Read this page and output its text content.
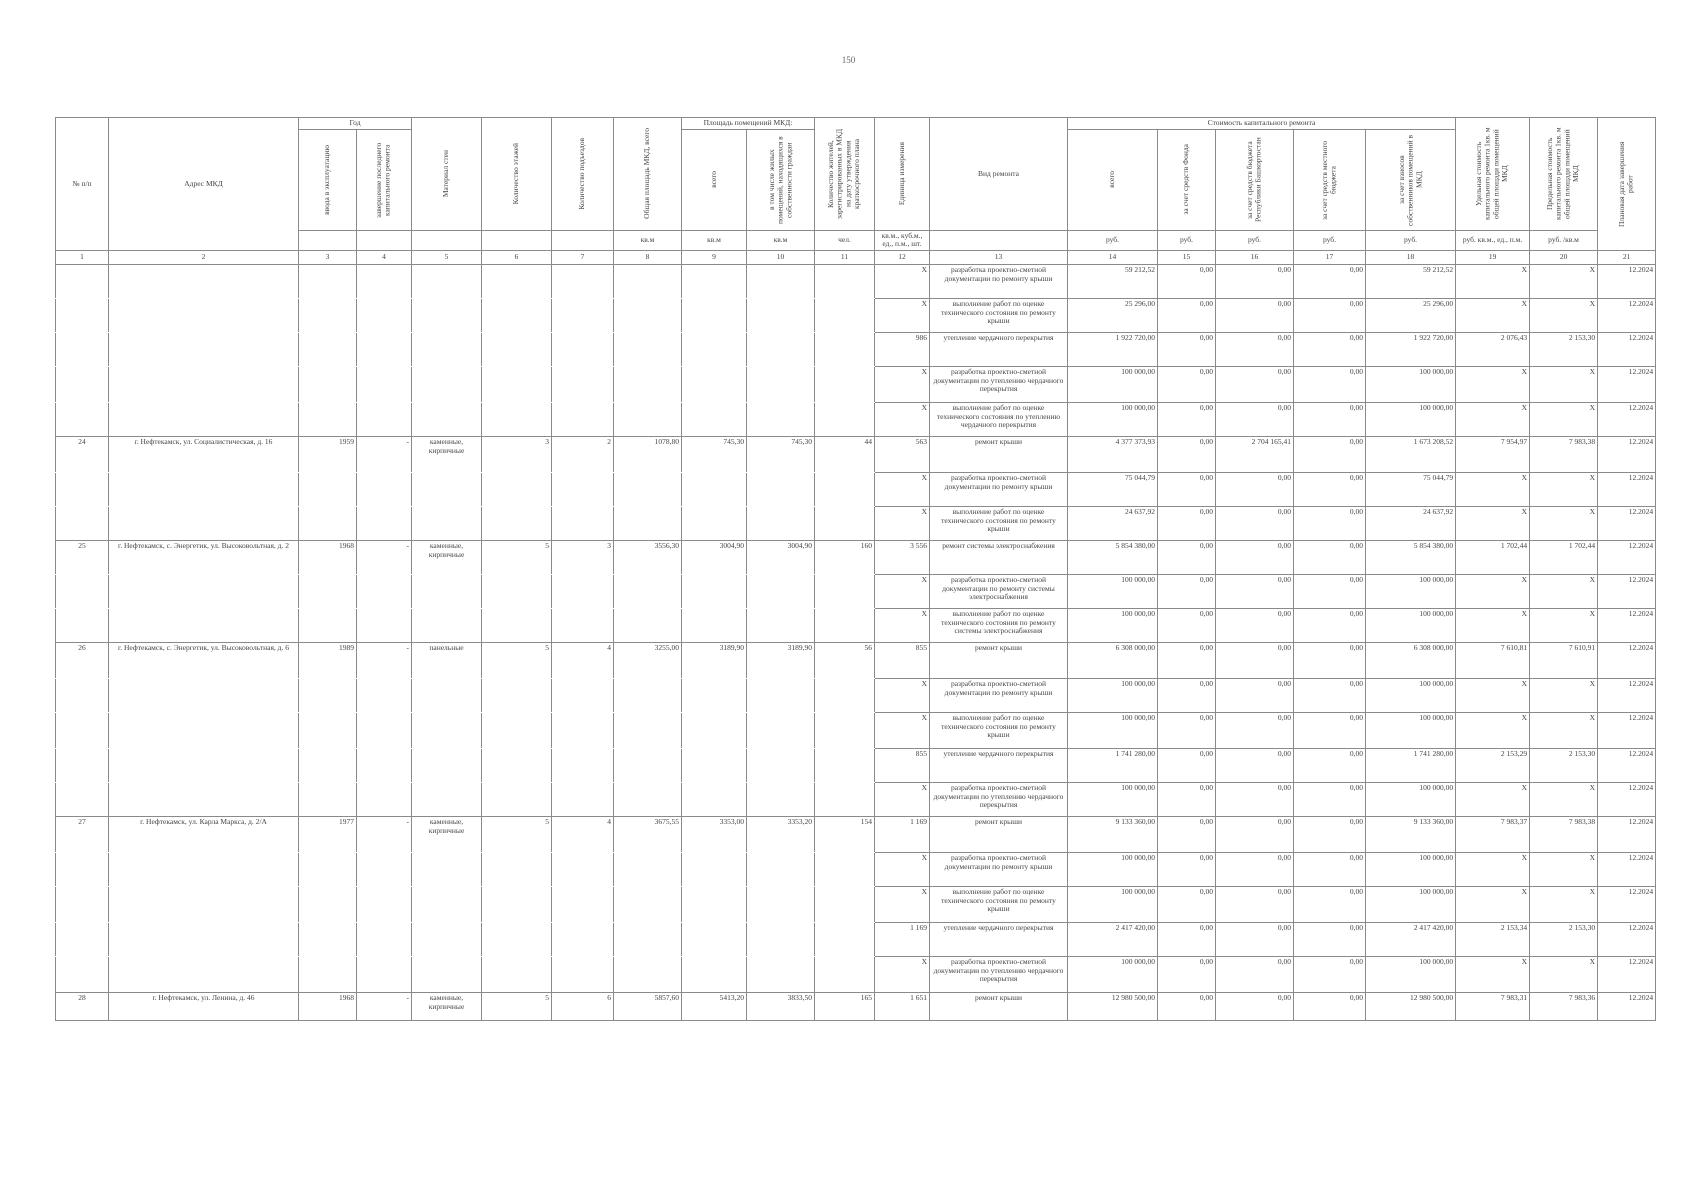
150
№ п/п	Адрес МКД	Год		Материал стен	Количество этажей	Количество подъездов	Общая площадь МКД, всего	Площадь помещений МКД:		Количество жителей, зарегистрированных в МКД на дату утверждения краткосрочного плана	Единица измерения	Вид ремонта	Стоимость капитального ремонта					Удельная стоимость капитального ремонта 1кв. м общей площади помещений МКД	Предельная стоимость капитального ремонта 1кв. м общей площади помещений МКД	Плановая дата завершения работ

		ввода в эксплуатацию	завершение последнего капитального ремонта					всего	в том числе жилых помещений, находящихся в собственности граждан				всего	за счет средств Фонда	за счет средств бюджета Республики Башкортостан	за счет средств местного бюджета	за счет взносов собственников помещений в МКД			

							кв.м	кв.м	кв.м	чел.	кв.м., куб.м., ед., п.м., шт.		руб.	руб.	руб.	руб.	руб.	руб. кв.м., ед., п.м.	руб. /кв.м	
1	2	3	4	5	6	7	8	9	10	11	12	13	14	15	16	17	18	19	20	21
											X	разработка проектно-сметной документации по ремонту крыши	59 212,52	0,00	0,00	0,00	59 212,52	X	X	12.2024
											X	выполнение работ по оценке технического состояния по ремонту крыши	25 296,00	0,00	0,00	0,00	25 296,00	X	X	12.2024
											986	утепление чердачного перекрытия	1 922 720,00	0,00	0,00	0,00	1 922 720,00	2 076,43	2 153,30	12.2024
											X	разработка проектно-сметной документации по утеплению чердачного перекрытия	100 000,00	0,00	0,00	0,00	100 000,00	X	X	12.2024
											X	выполнение работ по оценке технического состояния по утеплению чердачного перекрытия	100 000,00	0,00	0,00	0,00	100 000,00	X	X	12.2024
24	г. Нефтекамск, ул. Социалистическая, д. 16	1959	-	каменные, кирпичные	3	2	1078,80	745,30	745,30	44	563	ремонт крыши	4 377 373,93	0,00	2 704 165,41	0,00	1 673 208,52	7 954,97	7 983,38	12.2024
											X	разработка проектно-сметной документации по ремонту крыши	75 044,79	0,00	0,00	0,00	75 044,79	X	X	12.2024
											X	выполнение работ по оценке технического состояния по ремонту крыши	24 637,92	0,00	0,00	0,00	24 637,92	X	X	12.2024
25	г. Нефтекамск, с. Энергетик, ул. Высоковольтная, д. 2	1968	-	каменные, кирпичные	5	3	3556,30	3004,90	3004,90	160	3 556	ремонт системы электроснабжения	5 854 380,00	0,00	0,00	0,00	5 854 380,00	1 702,44	1 702,44	12.2024
											X	разработка проектно-сметной документации по ремонту системы электроснабжения	100 000,00	0,00	0,00	0,00	100 000,00	X	X	12.2024
											X	выполнение работ по оценке технического состояния по ремонту системы электроснабжения	100 000,00	0,00	0,00	0,00	100 000,00	X	X	12.2024
26	г. Нефтекамск, с. Энергетик, ул. Высоковольтная, д. 6	1989	-	панельные	5	4	3255,00	3189,90	3189,90	56	855	ремонт крыши	6 308 000,00	0,00	0,00	0,00	6 308 000,00	7 610,81	7 610,91	12.2024
											X	разработка проектно-сметной документации по ремонту крыши	100 000,00	0,00	0,00	0,00	100 000,00	X	X	12.2024
											X	выполнение работ по оценке технического состояния по ремонту крыши	100 000,00	0,00	0,00	0,00	100 000,00	X	X	12.2024
											855	утепление чердачного перекрытия	1 741 280,00	0,00	0,00	0,00	1 741 280,00	2 153,29	2 153,30	12.2024
											X	разработка проектно-сметной документации по утеплению чердачного перекрытия	100 000,00	0,00	0,00	0,00	100 000,00	X	X	12.2024
27	г. Нефтекамск, ул. Карла Маркса, д. 2/А	1977	-	каменные, кирпичные	5	4	3675,55	3353,00	3353,20	154	1 169	ремонт крыши	9 133 360,00	0,00	0,00	0,00	9 133 360,00	7 983,37	7 983,38	12.2024
											X	разработка проектно-сметной документации по ремонту крыши	100 000,00	0,00	0,00	0,00	100 000,00	X	X	12.2024
											X	выполнение работ по оценке технического состояния по ремонту крыши	100 000,00	0,00	0,00	0,00	100 000,00	X	X	12.2024
											1 169	утепление чердачного перекрытия	2 417 420,00	0,00	0,00	0,00	2 417 420,00	2 153,34	2 153,30	12.2024
											X	разработка проектно-сметной документации по утеплению чердачного перекрытия	100 000,00	0,00	0,00	0,00	100 000,00	X	X	12.2024
28	г. Нефтекамск, ул. Ленина, д. 46	1968	-	каменные, кирпичные	5	6	5857,60	5413,20	3833,50	165	1 651	ремонт крыши	12 980 500,00	0,00	0,00	0,00	12 980 500,00	7 983,31	7 983,36	12.2024
